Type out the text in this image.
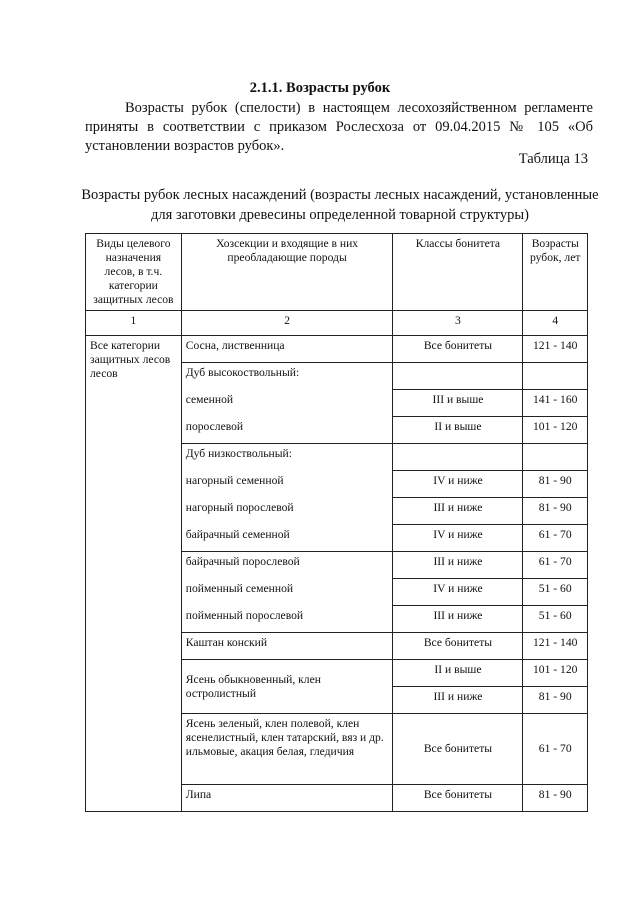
2.1.1. Возрасты рубок
Возрасты рубок (спелости) в настоящем лесохозяйственном регламенте приняты в соответствии с приказом Рослесхоза от 09.04.2015 № 105 «Об установлении возрастов рубок».
Таблица 13
Возрасты рубок лесных насаждений (возрасты лесных насаждений, установленные для заготовки древесины определенной товарной структуры)
Виды целевого назначения лесов, в т.ч. категории защитных лесов	Хозсекции и входящие в них преобладающие породы	Классы бонитета	Возрасты рубок, лет
1	2	3	4
Все категории защитных лесов лесов	Сосна, лиственница	Все бонитеты	121 - 140
	Дуб высокоствольный:		
	семенной	III и выше	141 - 160
	порослевой	II и выше	101 - 120
	Дуб низкоствольный:		
	нагорный семенной	IV и ниже	81 - 90
	нагорный порослевой	III и ниже	81 - 90
	байрачный семенной	IV и ниже	61 - 70
	байрачный порослевой	III и ниже	61 - 70
	пойменный семенной	IV и ниже	51 - 60
	пойменный порослевой	III и ниже	51 - 60
	Каштан конский	Все бонитеты	121 - 140
	Ясень обыкновенный, клен остролистный	II и выше	101 - 120
		III и ниже	81 - 90
	Ясень зеленый, клен полевой, клен ясенелистный, клен татарский, вяз и др. ильмовые, акация белая, гледичия	Все бонитеты	61 - 70
	Липа	Все бонитеты	81 - 90
